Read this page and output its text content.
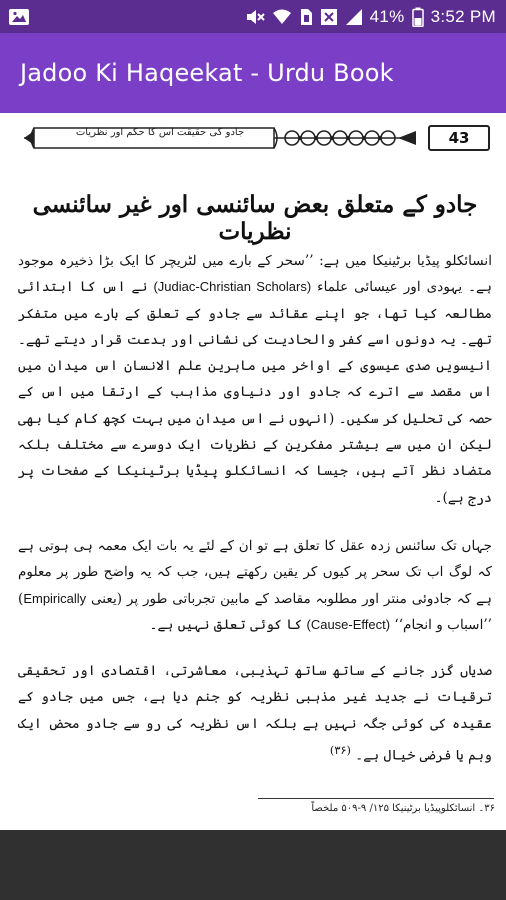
41% 3:52 PM
Jadoo Ki Haqeekat - Urdu Book
جادو کی حقیقت اس کا حکم اور نظریات	43
جادو کے متعلق بعض سائنسی اور غیر سائنسی نظریات

انسائکلو پیڈیا برٹینیکا میں ہے: ’’سحر کے بارے میں لٹریچر کا ایک بڑا ذخیرہ موجود ہے۔ یہودی اور عیسائی علماء (Judiac-Christian Scholars) نے اس کا ابتدائی مطالعہ کیا تھا، جو اپنے عقائد سے جادو کے تعلق کے بارے میں متفکر تھے۔ یہ دونوں اسے کفر والحادیت کی نشانی اور بدعت قرار دیتے تھے۔ انیسویں صدی عیسوی کے اواخر میں ماہرین علم الانسان اس میدان میں اس مقصد سے اترے کہ جادو اور دنیاوی مذاہب کے ارتقا میں اس کے حصہ کی تحلیل کر سکیں۔ (انہوں نے اس میدان میں بہت کچھ کام کیا بھی لیکن ان میں سے بیشتر مفکرین کے نظریات ایک دوسرے سے مختلف بلکہ متضاد نظر آتے ہیں، جیسا کہ انسائکلو پیڈیا برٹینیکا کے صفحات پر درج ہے)۔

جہاں تک سائنس زدہ عقل کا تعلق ہے تو ان کے لئے یہ بات ایک معمہ ہی ہوتی ہے کہ لوگ اب تک سحر پر کیوں کر یقین رکھتے ہیں، جب کہ یہ واضح طور پر معلوم ہے کہ جادوئی منتر اور مطلوبہ مقاصد کے مابین تجرباتی طور پر (یعنی Empirically) ’’اسباب و انجام‘‘ (Cause-Effect) کا کوئی تعلق نہیں ہے۔

صدیاں گزر جانے کے ساتھ ساتھ تہذیبی، معاشرتی، اقتصادی اور تحقیقی ترقیات نے جدید غیر مذہبی نظریہ کو جنم دیا ہے، جس میں جادو کے عقیدہ کی کوئی جگہ نہیں ہے بلکہ اس نظریہ کی رو سے جادو محض ایک وہم یا فرضی خیال ہے۔ $^{(۳۶)}$

۳۶۔ انسائکلوپیڈیا برٹینیکا ۱۲۵/ ۹-۵۰۹ ملخصاً
